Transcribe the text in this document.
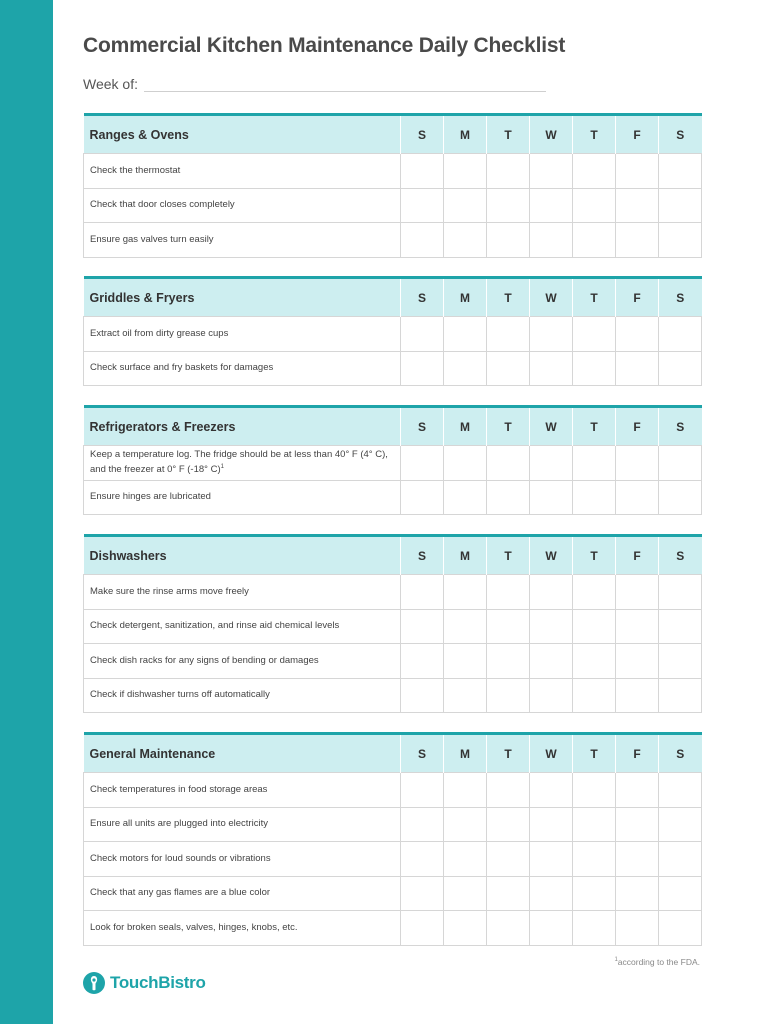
Commercial Kitchen Maintenance Daily Checklist
Week of:
Ranges & Ovens	S	M	T	W	T	F	S
Check the thermostat							
Check that door closes completely							
Ensure gas valves turn easily							
Griddles & Fryers	S	M	T	W	T	F	S
Extract oil from dirty grease cups							
Check surface and fry baskets for damages							
Refrigerators & Freezers	S	M	T	W	T	F	S
Keep a temperature log. The fridge should be at less than 40° F (4° C), and the freezer at 0° F (-18° C)$^1$							
Ensure hinges are lubricated							
Dishwashers	S	M	T	W	T	F	S
Make sure the rinse arms move freely							
Check detergent, sanitization, and rinse aid chemical levels							
Check dish racks for any signs of bending or damages							
Check if dishwasher turns off automatically							
General Maintenance	S	M	T	W	T	F	S
Check temperatures in food storage areas							
Ensure all units are plugged into electricity							
Check motors for loud sounds or vibrations							
Check that any gas flames are a blue color							
Look for broken seals, valves, hinges, knobs, etc.							
$^1$according to the FDA.
TouchBistro
